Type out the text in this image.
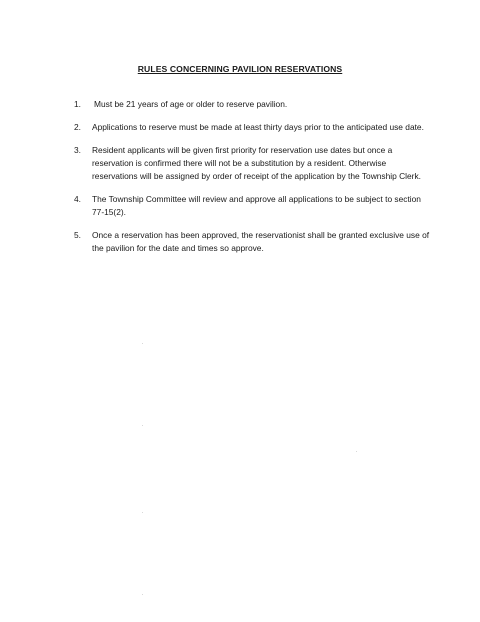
RULES CONCERNING PAVILION RESERVATIONS
1. Must be 21 years of age or older to reserve pavilion.
2. Applications to reserve must be made at least thirty days prior to the anticipated use date.
3. Resident applicants will be given first priority for reservation use dates but once a reservation is confirmed there will not be a substitution by a resident. Otherwise reservations will be assigned by order of receipt of the application by the Township Clerk.
4. The Township Committee will review and approve all applications to be subject to section 77-15(2).
5. Once a reservation has been approved, the reservationist shall be granted exclusive use of the pavilion for the date and times so approve.
